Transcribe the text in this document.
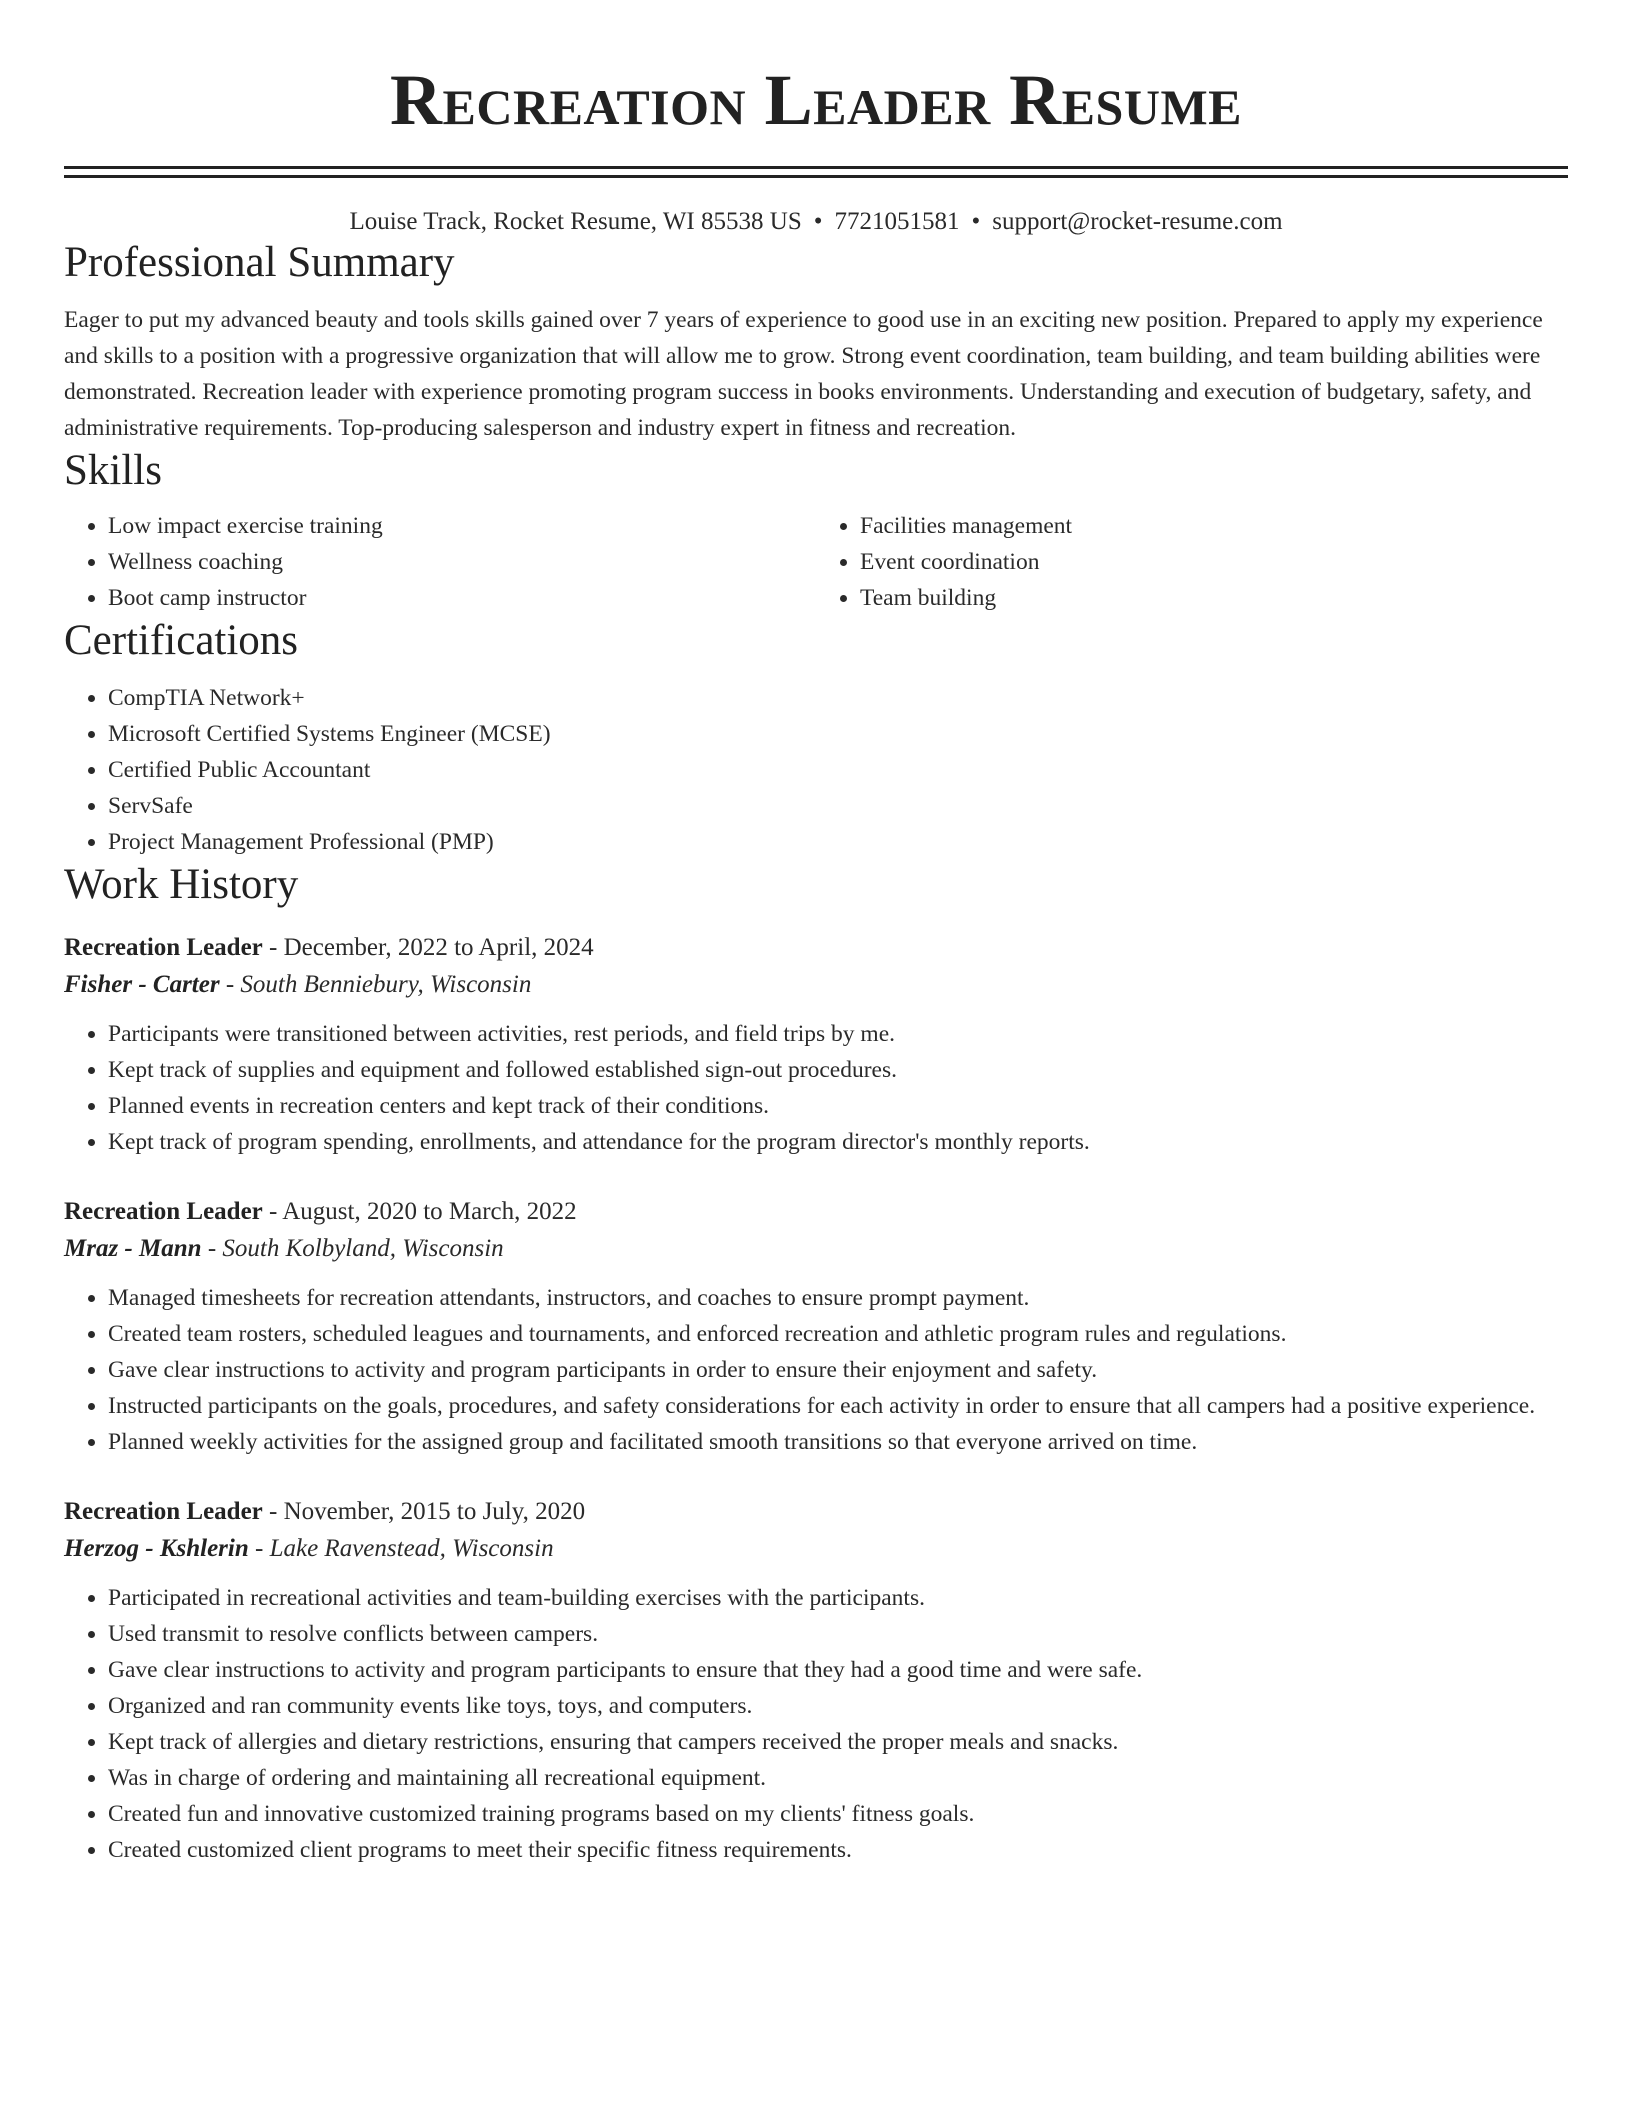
Recreation Leader Resume
Louise Track, Rocket Resume, WI 85538 US • 7721051581 • support@rocket-resume.com
Professional Summary
Eager to put my advanced beauty and tools skills gained over 7 years of experience to good use in an exciting new position. Prepared to apply my experience and skills to a position with a progressive organization that will allow me to grow. Strong event coordination, team building, and team building abilities were demonstrated. Recreation leader with experience promoting program success in books environments. Understanding and execution of budgetary, safety, and administrative requirements. Top-producing salesperson and industry expert in fitness and recreation.
Skills
• Low impact exercise training
• Wellness coaching
• Boot camp instructor
• Facilities management
• Event coordination
• Team building
Certifications
• CompTIA Network+
• Microsoft Certified Systems Engineer (MCSE)
• Certified Public Accountant
• ServSafe
• Project Management Professional (PMP)
Work History
Recreation Leader - December, 2022 to April, 2024
Fisher - Carter - South Benniebury, Wisconsin
• Participants were transitioned between activities, rest periods, and field trips by me.
• Kept track of supplies and equipment and followed established sign-out procedures.
• Planned events in recreation centers and kept track of their conditions.
• Kept track of program spending, enrollments, and attendance for the program director's monthly reports.
Recreation Leader - August, 2020 to March, 2022
Mraz - Mann - South Kolbyland, Wisconsin
• Managed timesheets for recreation attendants, instructors, and coaches to ensure prompt payment.
• Created team rosters, scheduled leagues and tournaments, and enforced recreation and athletic program rules and regulations.
• Gave clear instructions to activity and program participants in order to ensure their enjoyment and safety.
• Instructed participants on the goals, procedures, and safety considerations for each activity in order to ensure that all campers had a positive experience.
• Planned weekly activities for the assigned group and facilitated smooth transitions so that everyone arrived on time.
Recreation Leader - November, 2015 to July, 2020
Herzog - Kshlerin - Lake Ravenstead, Wisconsin
• Participated in recreational activities and team-building exercises with the participants.
• Used transmit to resolve conflicts between campers.
• Gave clear instructions to activity and program participants to ensure that they had a good time and were safe.
• Organized and ran community events like toys, toys, and computers.
• Kept track of allergies and dietary restrictions, ensuring that campers received the proper meals and snacks.
• Was in charge of ordering and maintaining all recreational equipment.
• Created fun and innovative customized training programs based on my clients' fitness goals.
• Created customized client programs to meet their specific fitness requirements.
